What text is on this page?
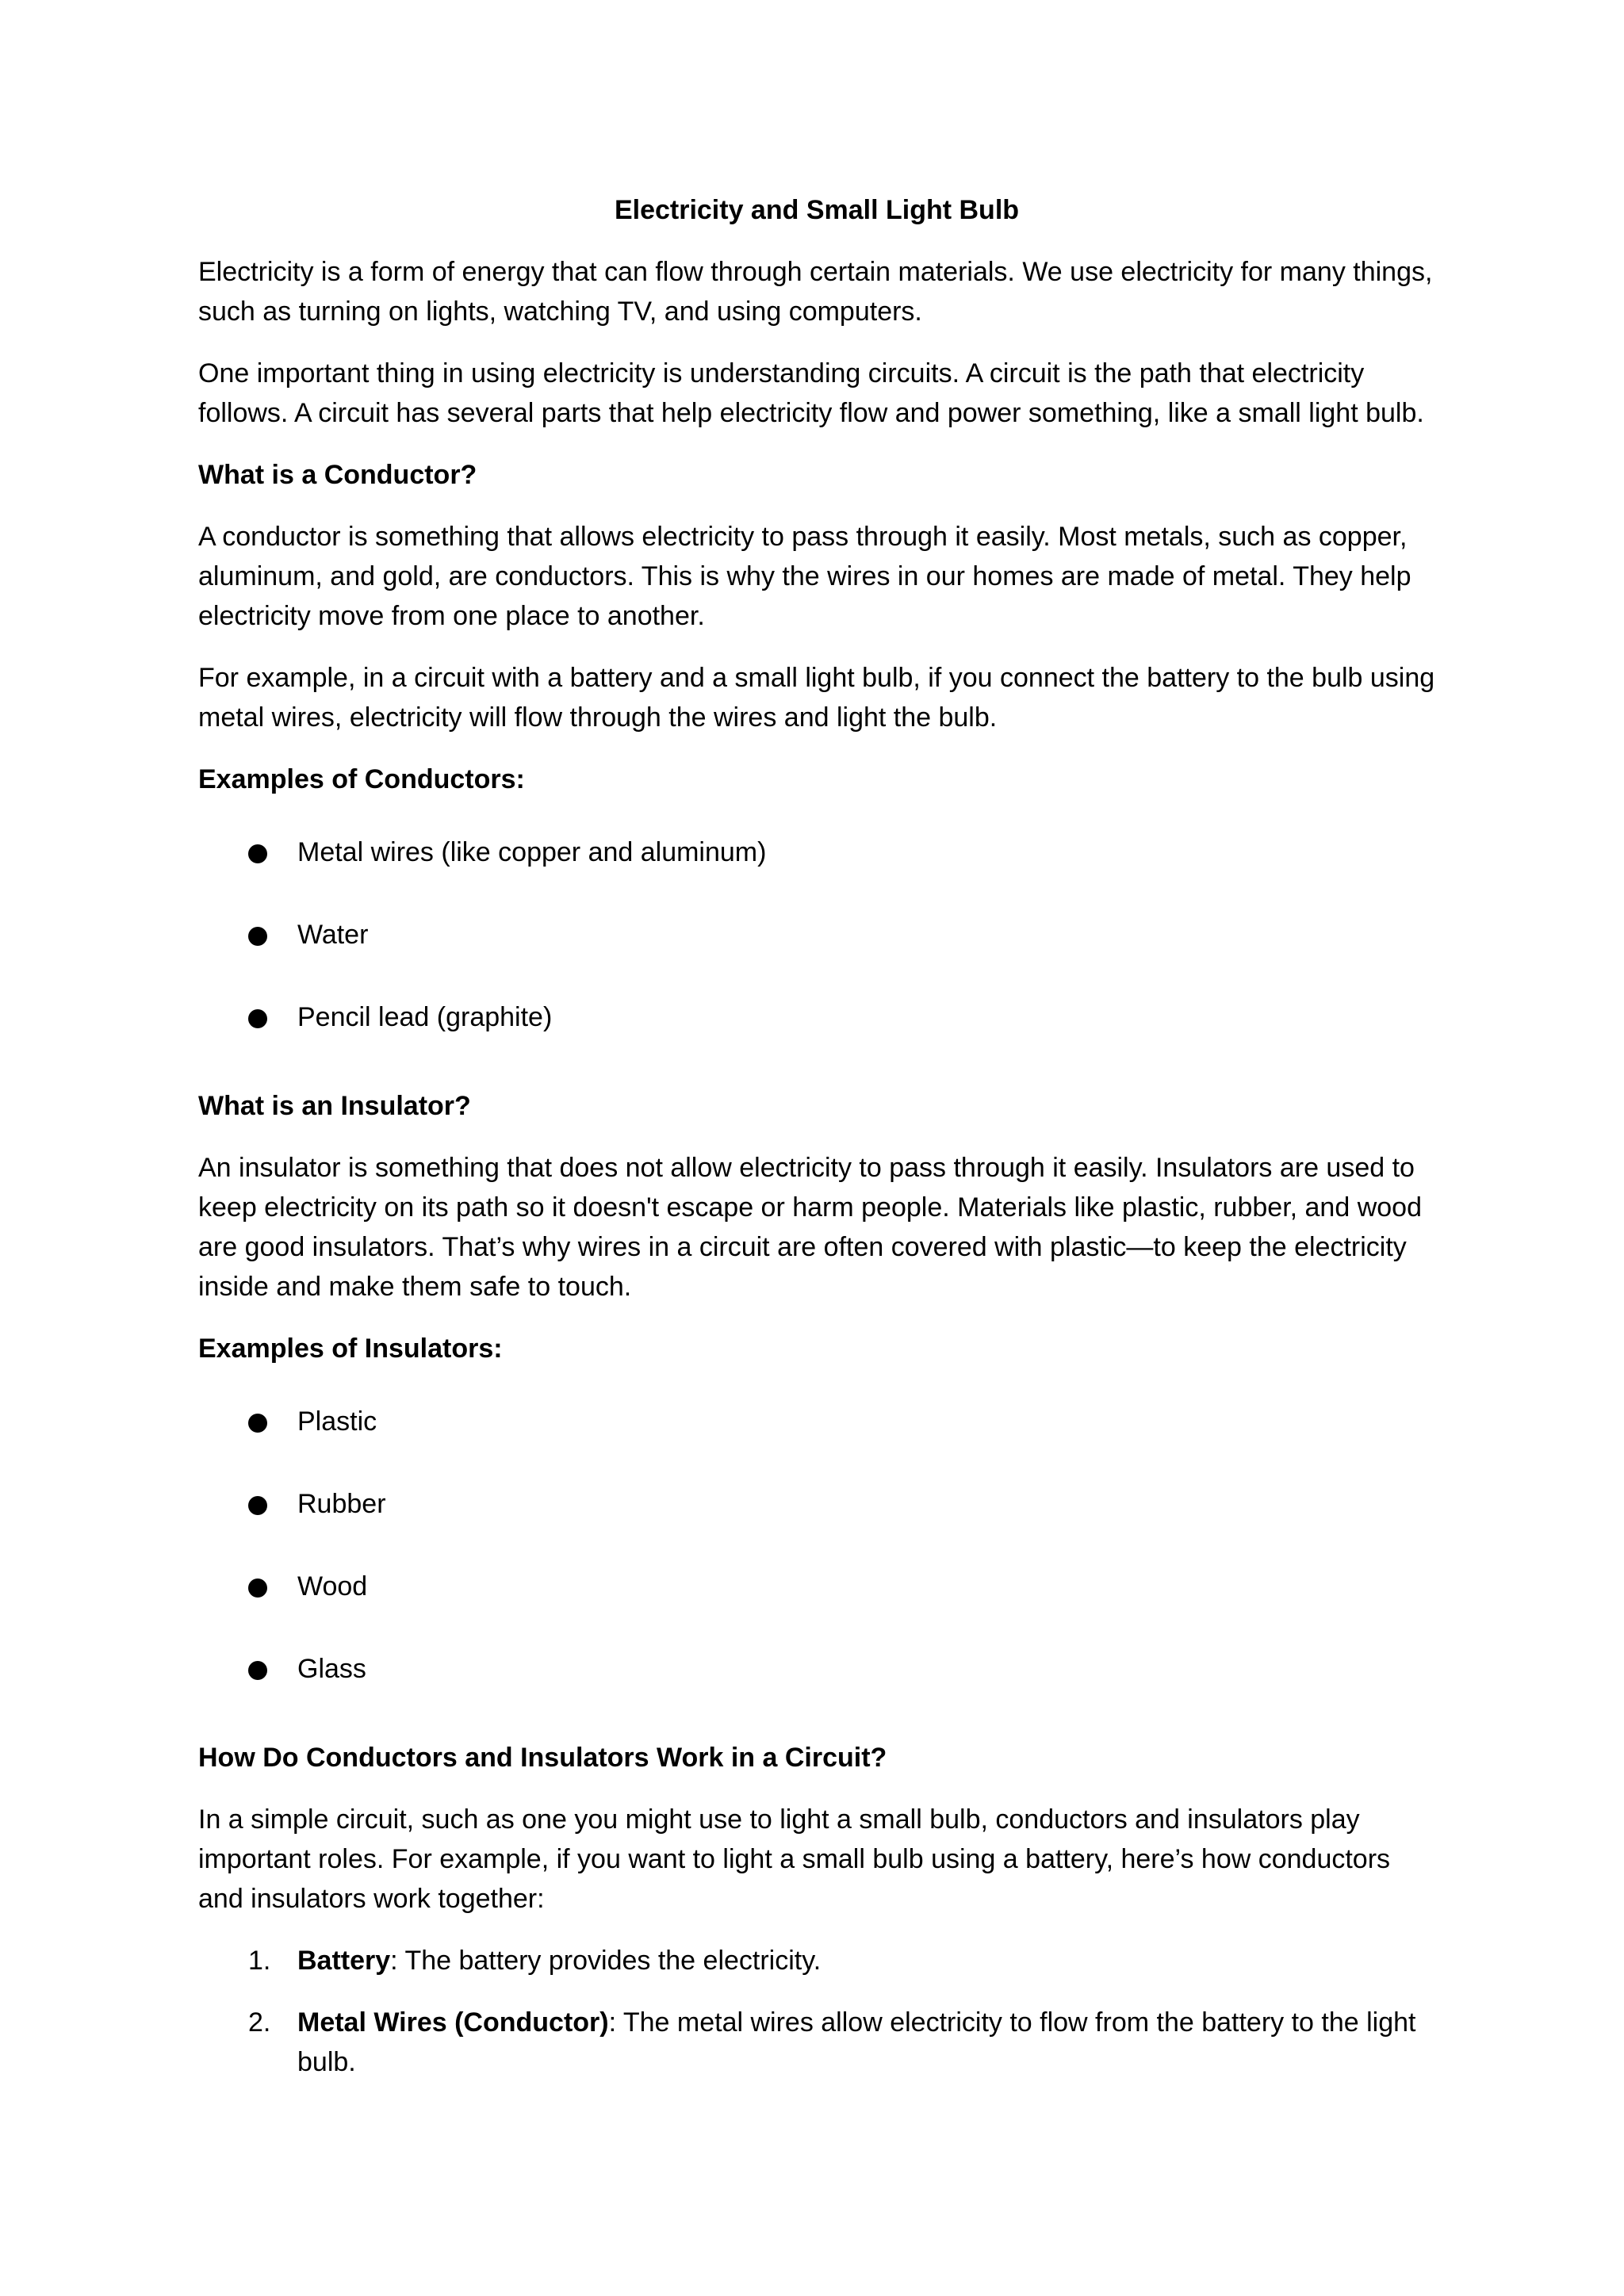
Electricity and Small Light Bulb

Electricity is a form of energy that can flow through certain materials. We use electricity for many things, such as turning on lights, watching TV, and using computers.

One important thing in using electricity is understanding circuits. A circuit is the path that electricity follows. A circuit has several parts that help electricity flow and power something, like a small light bulb.

What is a Conductor?

A conductor is something that allows electricity to pass through it easily. Most metals, such as copper, aluminum, and gold, are conductors. This is why the wires in our homes are made of metal. They help electricity move from one place to another.

For example, in a circuit with a battery and a small light bulb, if you connect the battery to the bulb using metal wires, electricity will flow through the wires and light the bulb.

Examples of Conductors:
Metal wires (like copper and aluminum)
Water
Pencil lead (graphite)
What is an Insulator?

An insulator is something that does not allow electricity to pass through it easily. Insulators are used to keep electricity on its path so it doesn't escape or harm people. Materials like plastic, rubber, and wood are good insulators. That’s why wires in a circuit are often covered with plastic—to keep the electricity inside and make them safe to touch.

Examples of Insulators:
Plastic
Rubber
Wood
Glass
How Do Conductors and Insulators Work in a Circuit?

In a simple circuit, such as one you might use to light a small bulb, conductors and insulators play important roles. For example, if you want to light a small bulb using a battery, here’s how conductors and insulators work together:

1. Battery: The battery provides the electricity.
2. Metal Wires (Conductor): The metal wires allow electricity to flow from the battery to the light bulb.
